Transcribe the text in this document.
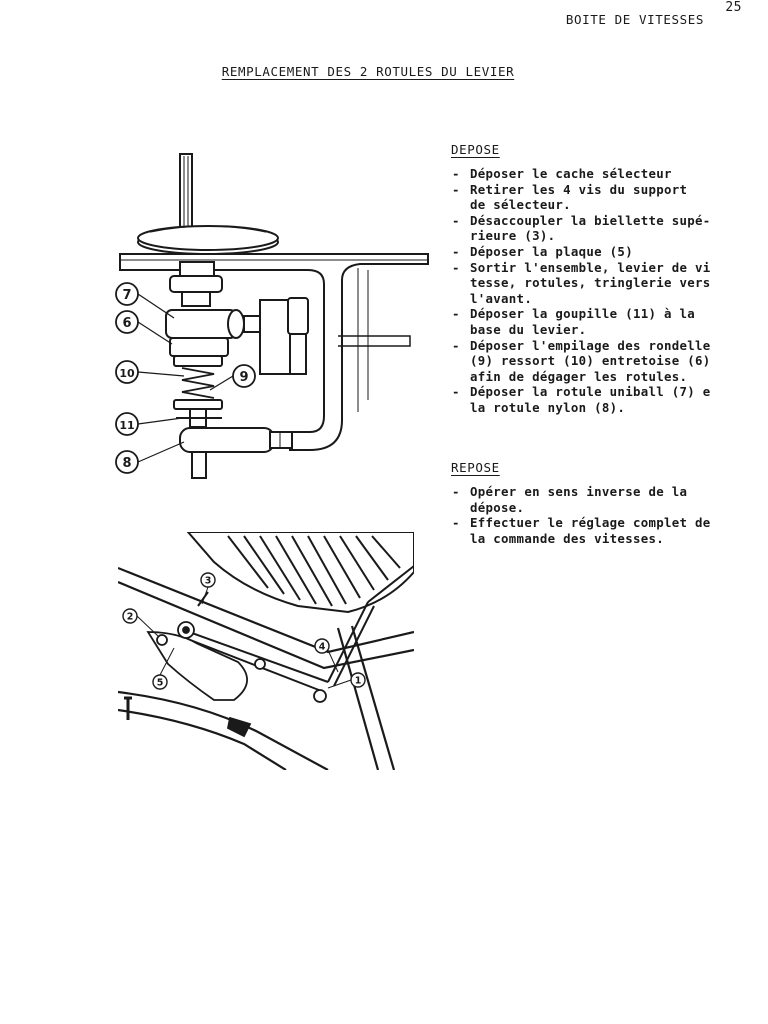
25
BOITE DE VITESSES
REMPLACEMENT DES 2 ROTULES DU LEVIER
DEPOSE
- Déposer le cache sélecteur
- Retirer les 4 vis du support
de sélecteur.
- Désaccoupler la biellette supé-
rieure (3).
- Déposer la plaque (5)
- Sortir l'ensemble, levier de vi
tesse, rotules, tringlerie vers
l'avant.
- Déposer la goupille (11) à la
base du levier.
- Déposer l'empilage des rondelle
(9) ressort (10) entretoise (6)
afin de dégager les rotules.
- Déposer la rotule uniball (7) e
la rotule nylon (8).
REPOSE
- Opérer en sens inverse de la
dépose.
- Effectuer le réglage complet de
la commande des vitesses.
7
6
10	9
11
8
3
2
4
5	1
